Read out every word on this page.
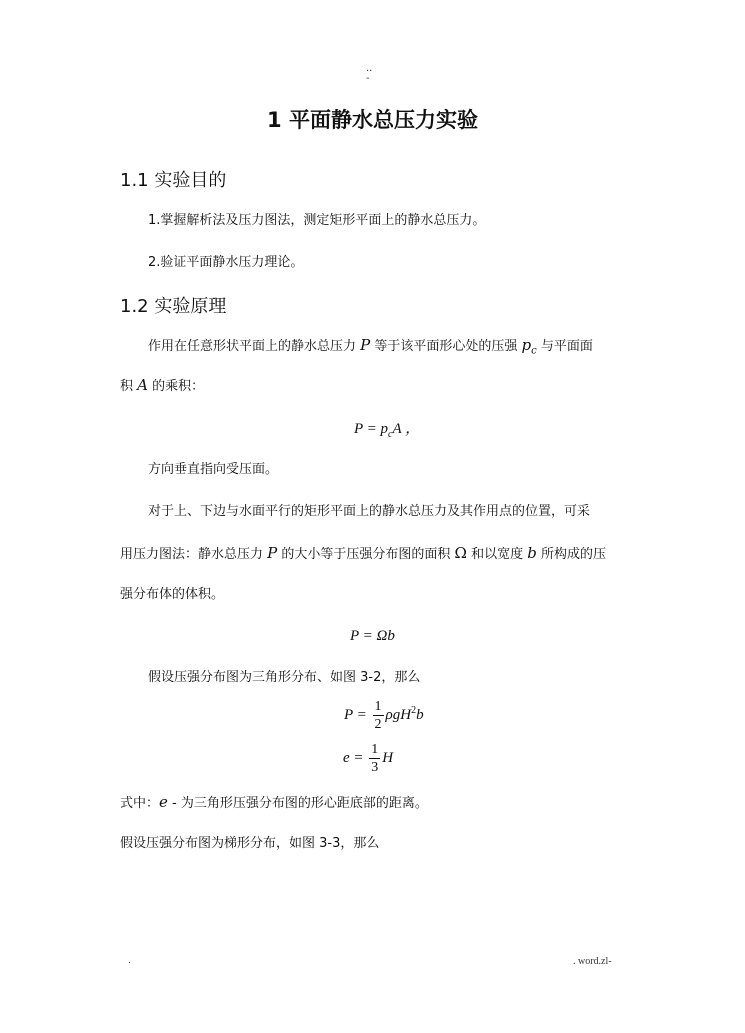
..
-
1 平面静水总压力实验
1.1 实验目的
1.掌握解析法及压力图法，测定矩形平面上的静水总压力。
2.验证平面静水压力理论。
1.2 实验原理
作用在任意形状平面上的静水总压力 P 等于该平面形心处的压强 $p_c$ 与平面面
积 A 的乘积：
$P = p_cA$ ，
方向垂直指向受压面。
对于上、下边与水面平行的矩形平面上的静水总压力及其作用点的位置，可采
用压力图法：静水总压力 P 的大小等于压强分布图的面积 Ω 和以宽度 b 所构成的压
强分布体的体积。
P = Ωb
假设压强分布图为三角形分布、如图 3-2，那么
$P = \frac{1}{2} \rho gH^2b$
$e = \frac{1}{3}$ H
式中：e - 为三角形压强分布图的形心距底部的距离。
假设压强分布图为梯形分布，如图 3-3，那么
.	. word.zl-
